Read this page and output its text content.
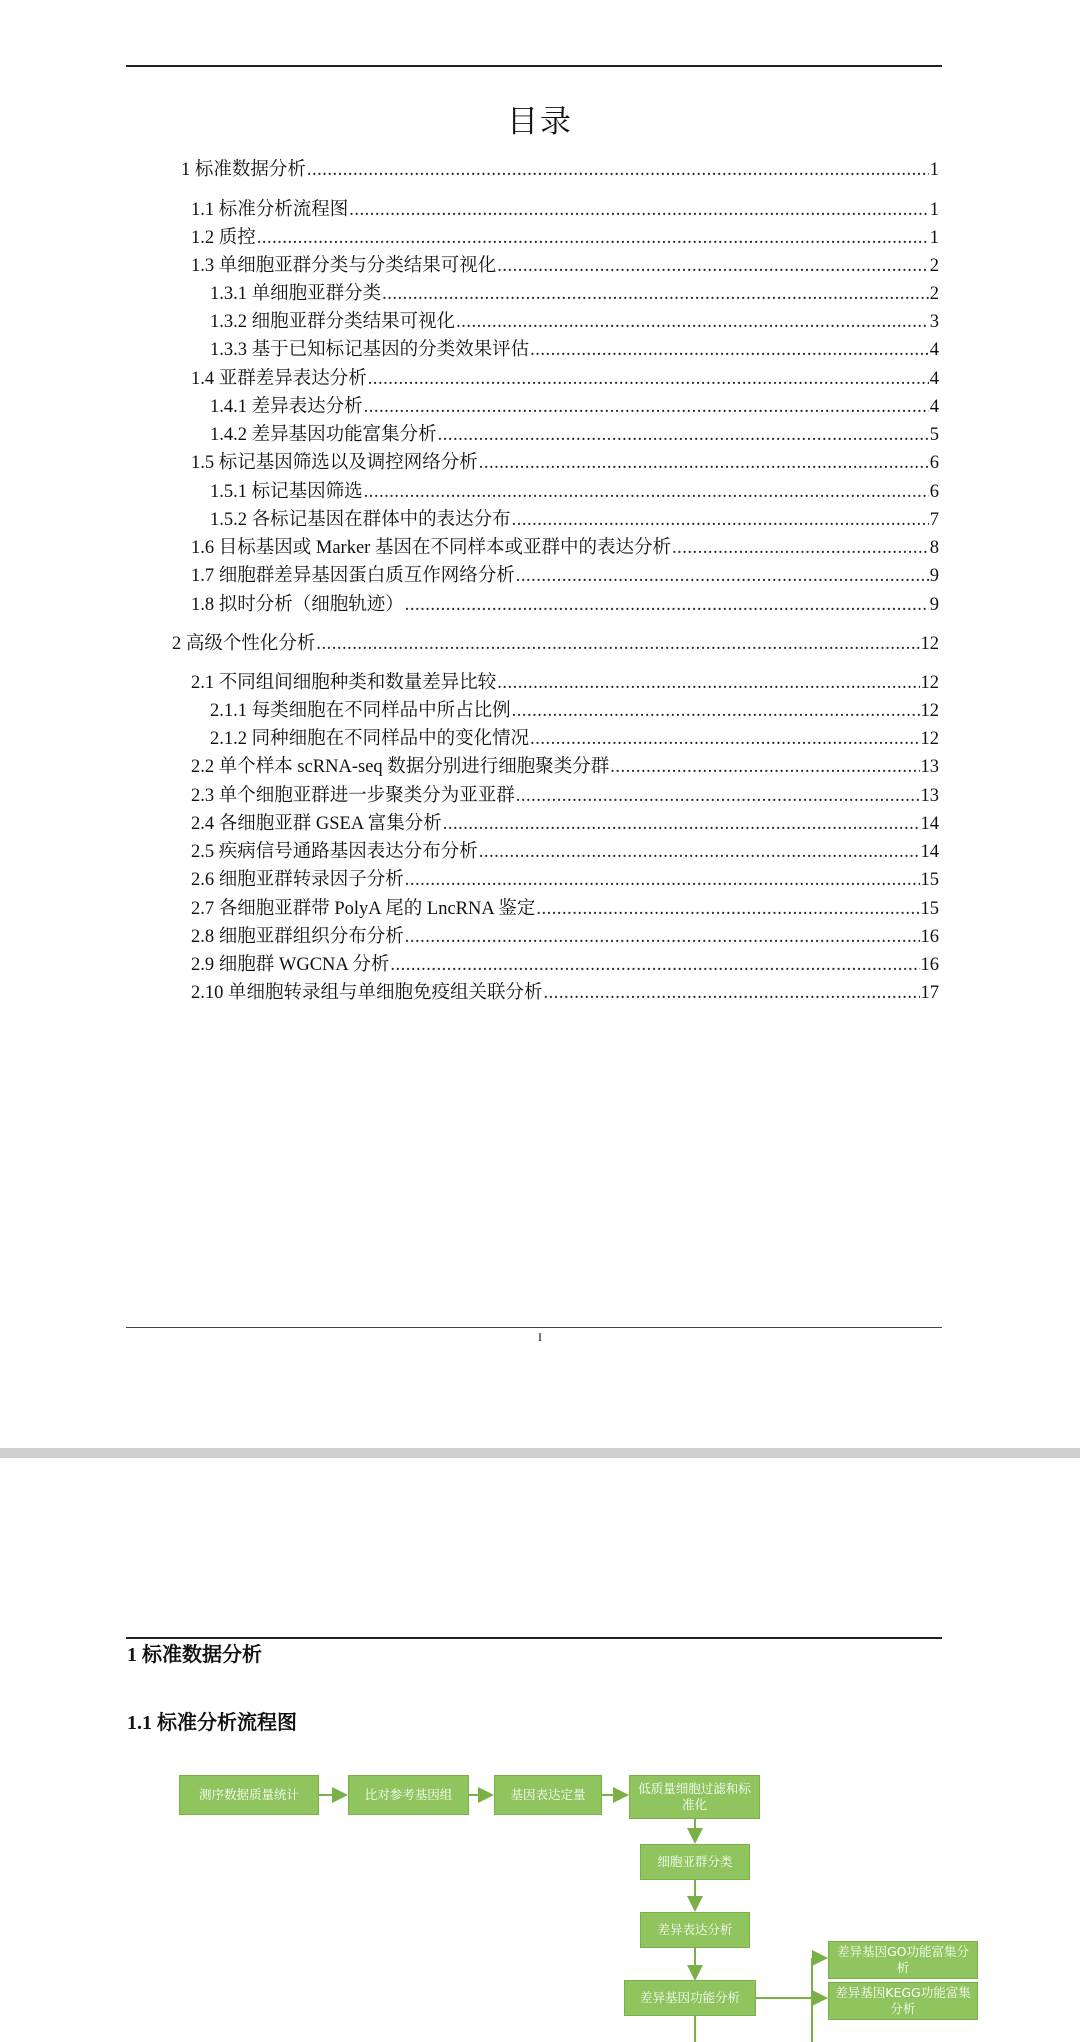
目录
1 标准数据分析 .....	1
1.1 标准分析流程图 .....	1
1.2 质控 .....	1
1.3 单细胞亚群分类与分类结果可视化 .....	2
1.3.1 单细胞亚群分类 .....	2
1.3.2 细胞亚群分类结果可视化 .....	3
1.3.3 基于已知标记基因的分类效果评估 .....	4
1.4 亚群差异表达分析 .....	4
1.4.1 差异表达分析 .....	4
1.4.2 差异基因功能富集分析 .....	5
1.5 标记基因筛选以及调控网络分析 .....	6
1.5.1 标记基因筛选 .....	6
1.5.2 各标记基因在群体中的表达分布 .....	7
1.6 目标基因或 Marker 基因在不同样本或亚群中的表达分析 .....	8
1.7 细胞群差异基因蛋白质互作网络分析 .....	9
1.8 拟时分析（细胞轨迹） .....	9
2 高级个性化分析 .....	12
2.1 不同组间细胞种类和数量差异比较 .....	12
2.1.1 每类细胞在不同样品中所占比例 .....	12
2.1.2 同种细胞在不同样品中的变化情况 .....	12
2.2 单个样本 scRNA-seq 数据分别进行细胞聚类分群 .....	13
2.3 单个细胞亚群进一步聚类分为亚亚群 .....	13
2.4 各细胞亚群 GSEA 富集分析 .....	14
2.5 疾病信号通路基因表达分布分析 .....	14
2.6 细胞亚群转录因子分析 .....	15
2.7 各细胞亚群带 PolyA 尾的 LncRNA 鉴定 .....	15
2.8 细胞亚群组织分布分析 .....	16
2.9 细胞群 WGCNA 分析 .....	16
2.10 单细胞转录组与单细胞免疫组关联分析 .....	17
I
1 标准数据分析
1.1 标准分析流程图
测序数据质量统计	比对参考基因组	基因表达定量	低质量细胞过滤和标准化
细胞亚群分类
差异表达分析
差异基因功能分析
差异基因GO功能富集分析
差异基因KEGG功能富集分析
